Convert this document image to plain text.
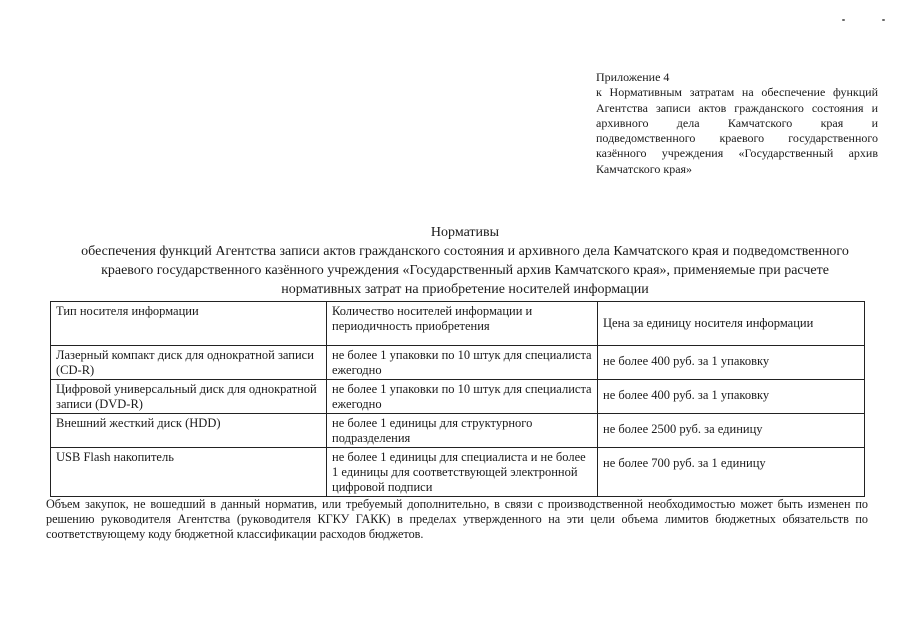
Приложение 4

к Нормативным затратам на обеспечение функций Агентства записи актов гражданского состояния и архивного дела Камчатского края и подведомственного краевого государственного казённого учреждения «Государственный архив Камчатского края»

Нормативы

обеспечения функций Агентства записи актов гражданского состояния и архивного дела Камчатского края и подведомственного краевого государственного казённого учреждения «Государственный архив Камчатского края», применяемые при расчете нормативных затрат на приобретение носителей информации

Тип носителя информации	Количество носителей информации и периодичность приобретения	Цена за единицу носителя информации
Лазерный компакт диск для однократной записи (CD-R)	не более 1 упаковки по 10 штук для специалиста ежегодно	не более 400 руб. за 1 упаковку
Цифровой универсальный диск для однократной записи (DVD-R)	не более 1 упаковки по 10 штук для специалиста ежегодно	не более 400 руб. за 1 упаковку
Внешний жесткий диск (HDD)	не более 1 единицы для структурного подразделения	не более 2500 руб. за единицу
USB Flash накопитель	не более 1 единицы для специалиста и не более 1 единицы для соответствующей электронной цифровой подписи	не более 700 руб. за 1 единицу

Объем закупок, не вошедший в данный норматив, или требуемый дополнительно, в связи с производственной необходимостью может быть изменен по решению руководителя Агентства (руководителя КГКУ ГАКК) в пределах утвержденного на эти цели объема лимитов бюджетных обязательств по соответствующему коду бюджетной классификации расходов бюджетов.
